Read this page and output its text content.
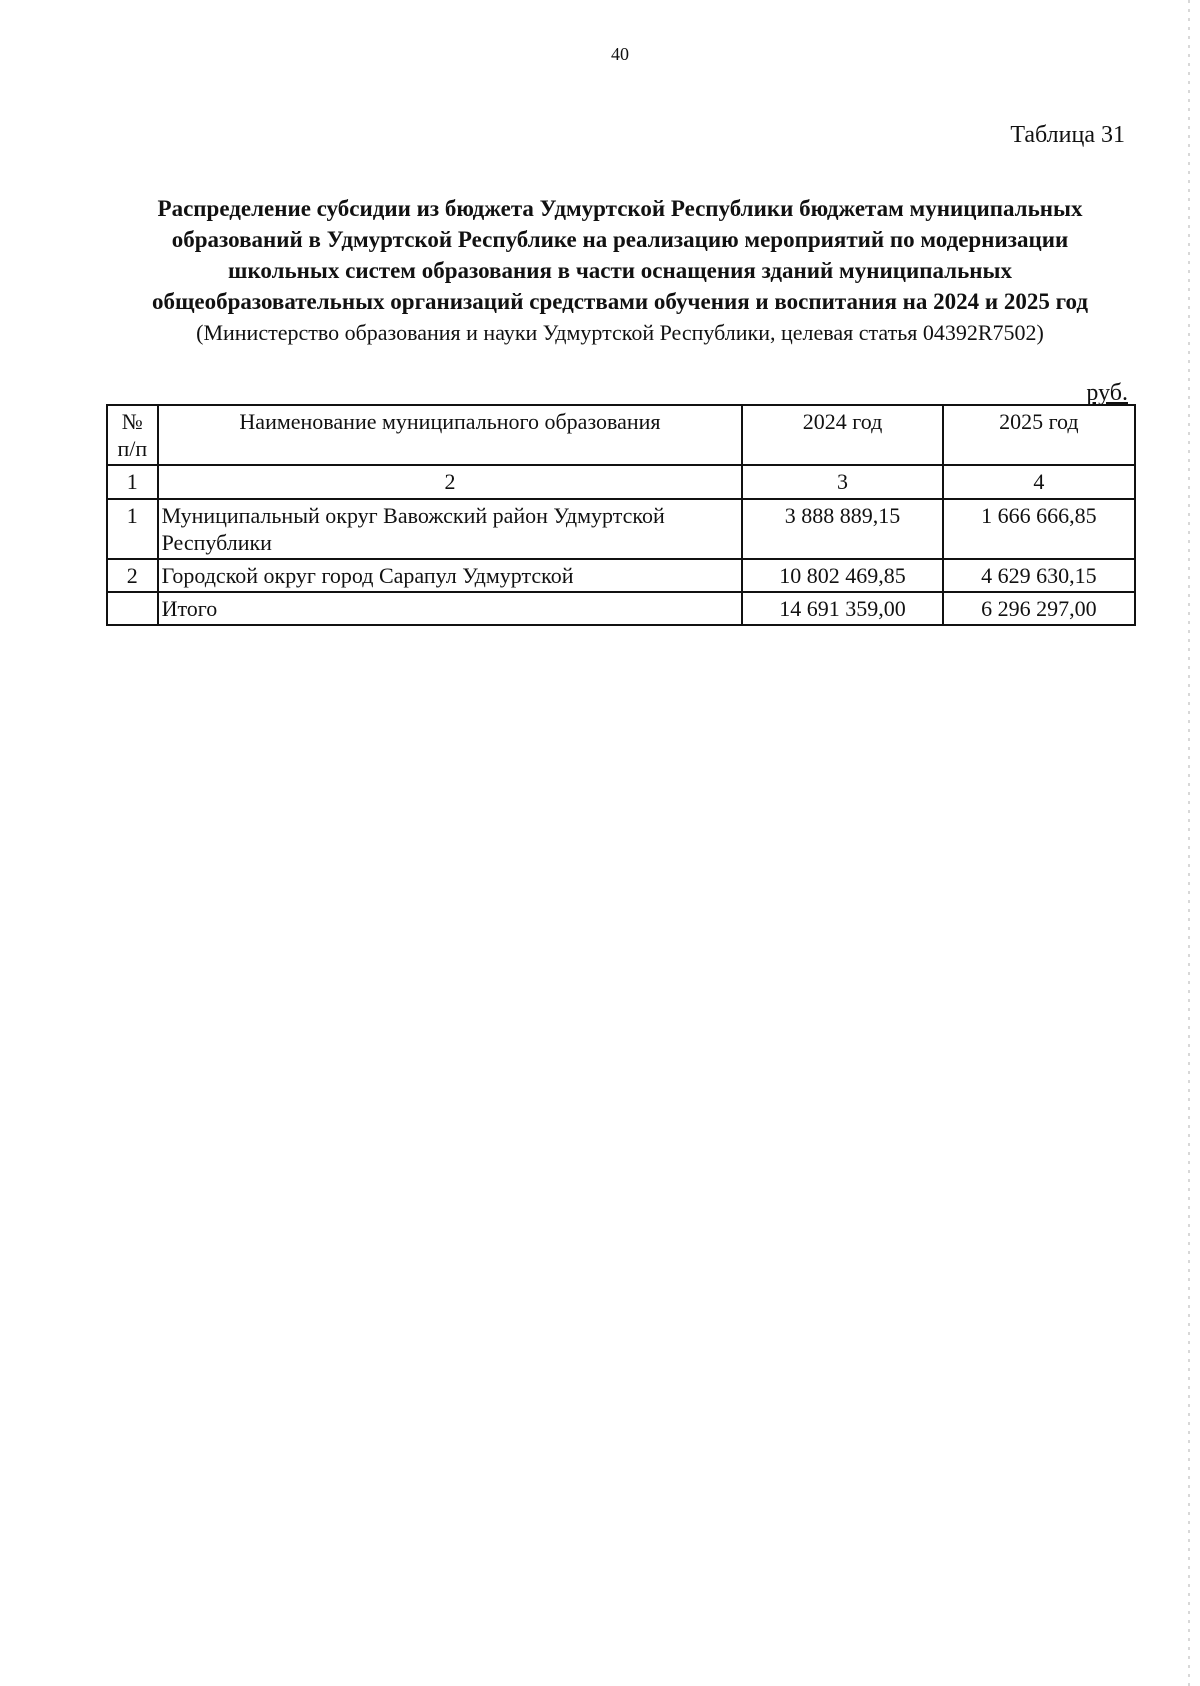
40
Таблица 31
Распределение субсидии из бюджета Удмуртской Республики бюджетам муниципальных
образований в Удмуртской Республике на реализацию мероприятий по модернизации
школьных систем образования в части оснащения зданий муниципальных
общеобразовательных организаций средствами обучения и воспитания на 2024 и 2025 год
(Министерство образования и науки Удмуртской Республики, целевая статья 04392R7502)
руб.
№
п/п	Наименование муниципального образования	2024 год	2025 год
1	2	3	4
1	Муниципальный округ Вавожский район Удмуртской Республики	3 888 889,15	1 666 666,85
2	Городской округ город Сарапул Удмуртской	10 802 469,85	4 629 630,15
	Итого	14 691 359,00	6 296 297,00
